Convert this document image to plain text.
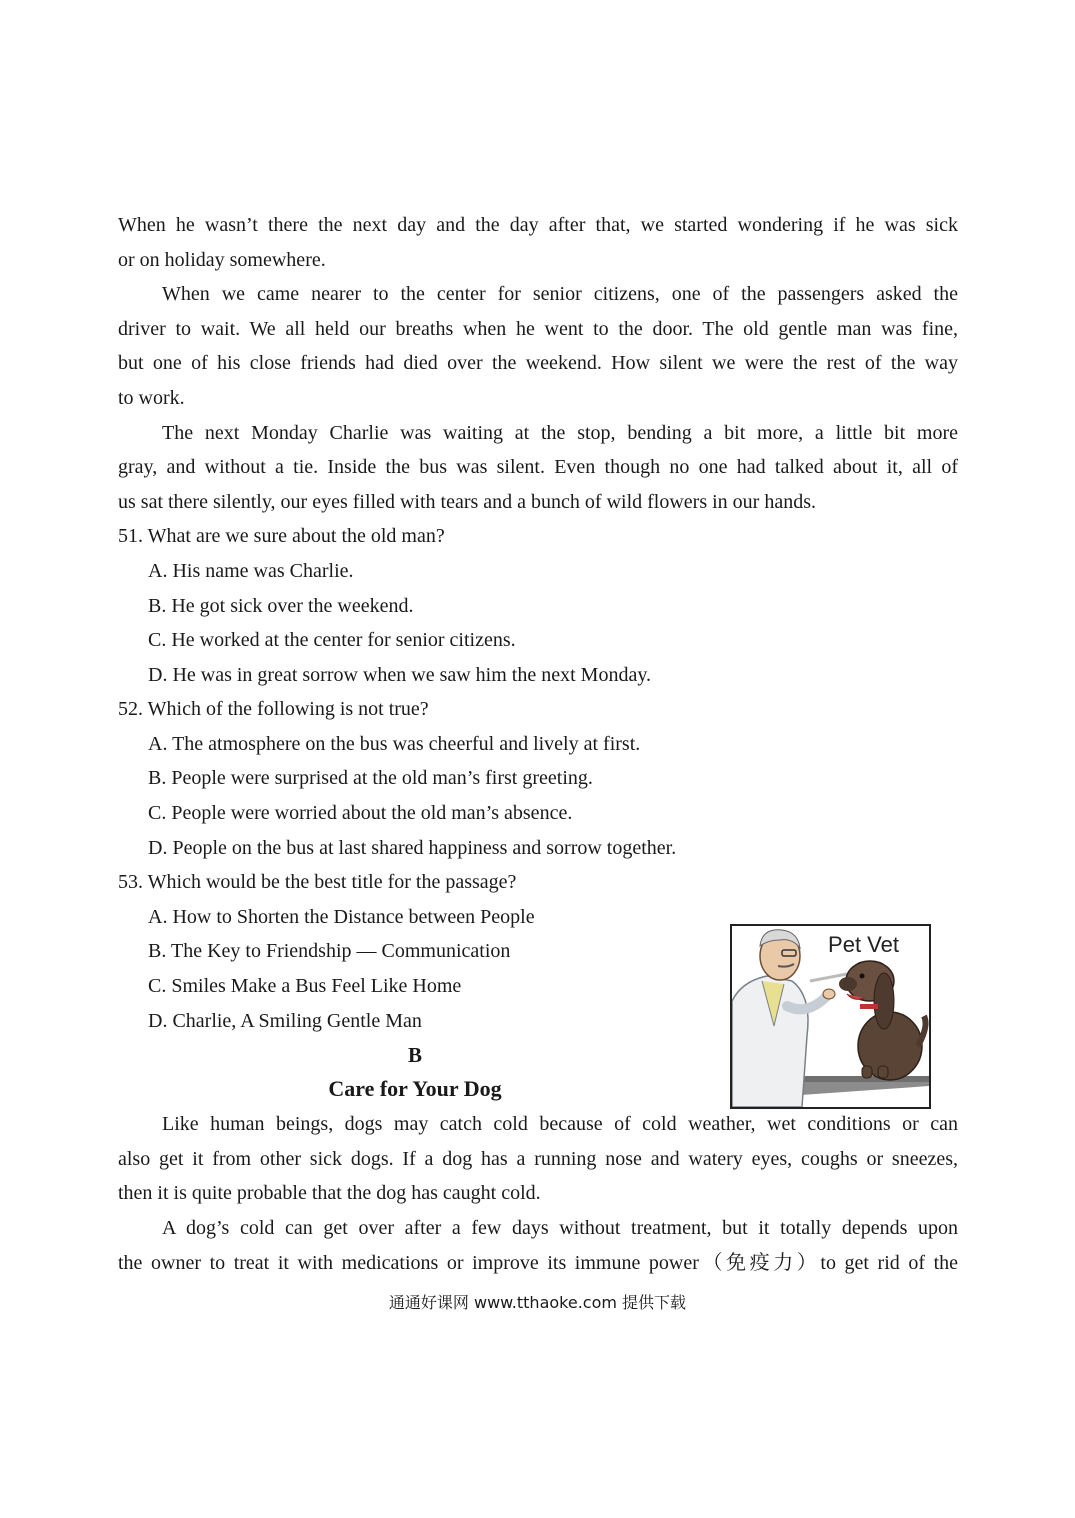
When he wasn’t there the next day and the day after that, we started wondering if he was sick
or on holiday somewhere.
When we came nearer to the center for senior citizens, one of the passengers asked the
driver to wait. We all held our breaths when he went to the door. The old gentle man was fine,
but one of his close friends had died over the weekend. How silent we were the rest of the way
to work.
The next Monday Charlie was waiting at the stop, bending a bit more, a little bit more
gray, and without a tie. Inside the bus was silent. Even though no one had talked about it, all of
us sat there silently, our eyes filled with tears and a bunch of wild flowers in our hands.
51. What are we sure about the old man?
A. His name was Charlie.
B. He got sick over the weekend.
C. He worked at the center for senior citizens.
D. He was in great sorrow when we saw him the next Monday.
52. Which of the following is not true?
A. The atmosphere on the bus was cheerful and lively at first.
B. People were surprised at the old man’s first greeting.
C. People were worried about the old man’s absence.
D. People on the bus at last shared happiness and sorrow together.
53. Which would be the best title for the passage?
A. How to Shorten the Distance between People
B. The Key to Friendship — Communication
C. Smiles Make a Bus Feel Like Home
D. Charlie, A Smiling Gentle Man
B
Care for Your Dog
Pet Vet
Like human beings, dogs may catch cold because of cold weather, wet conditions or can
also get it from other sick dogs. If a dog has a running nose and watery eyes, coughs or sneezes,
then it is quite probable that the dog has caught cold.
A dog’s cold can get over after a few days without treatment, but it totally depends upon
the owner to treat it with medications or improve its immune power（免疫力）to get rid of the
通通好课网 www.tthaoke.com 提供下载
